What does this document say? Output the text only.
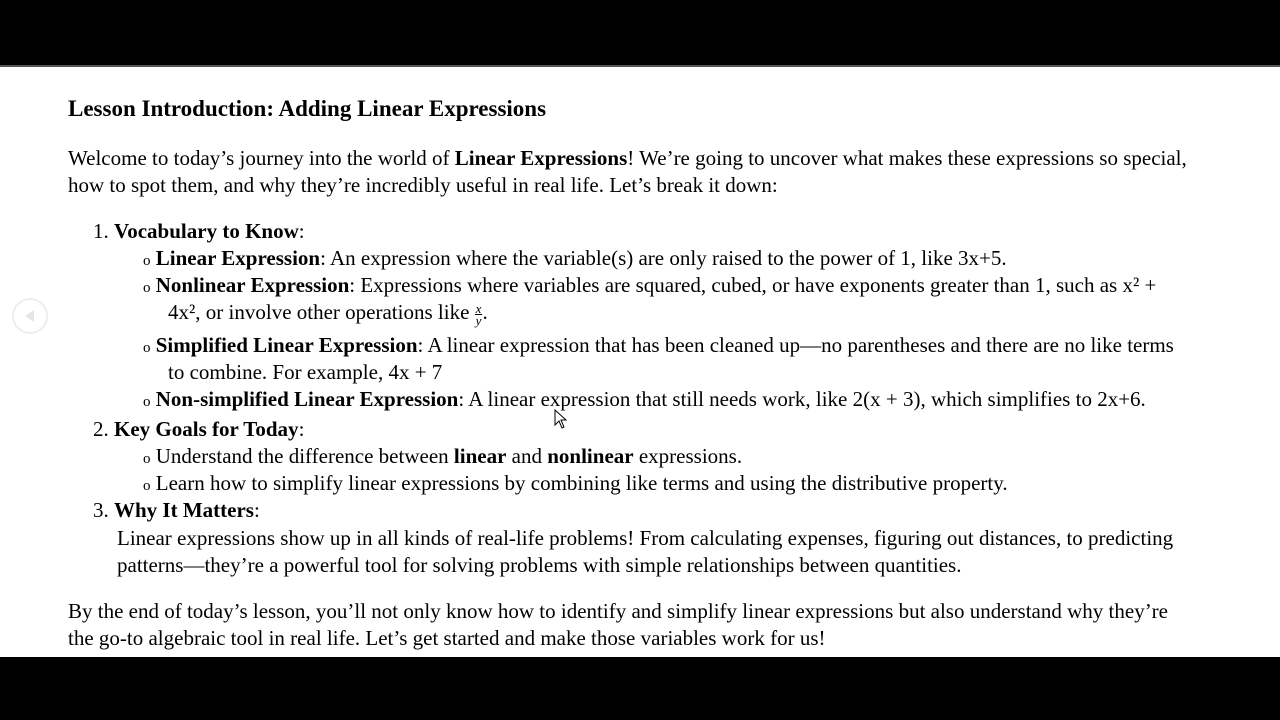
Lesson Introduction: Adding Linear Expressions
Welcome to today’s journey into the world of Linear Expressions! We’re going to uncover what makes these expressions so special,
how to spot them, and why they’re incredibly useful in real life. Let’s break it down:
1. Vocabulary to Know:
o Linear Expression: An expression where the variable(s) are only raised to the power of 1, like 3x+5.
o Nonlinear Expression: Expressions where variables are squared, cubed, or have exponents greater than 1, such as x² +
4x², or involve other operations like $\frac{x}{y}$ .
o Simplified Linear Expression: A linear expression that has been cleaned up—no parentheses and there are no like terms
to combine. For example, 4x + 7
o Non-simplified Linear Expression: A linear expression that still needs work, like 2(x + 3), which simplifies to 2x+6.
2. Key Goals for Today:
o Understand the difference between linear and nonlinear expressions.
o Learn how to simplify linear expressions by combining like terms and using the distributive property.
3. Why It Matters:
Linear expressions show up in all kinds of real-life problems! From calculating expenses, figuring out distances, to predicting
patterns—they’re a powerful tool for solving problems with simple relationships between quantities.
By the end of today’s lesson, you’ll not only know how to identify and simplify linear expressions but also understand why they’re
the go-to algebraic tool in real life. Let’s get started and make those variables work for us!
